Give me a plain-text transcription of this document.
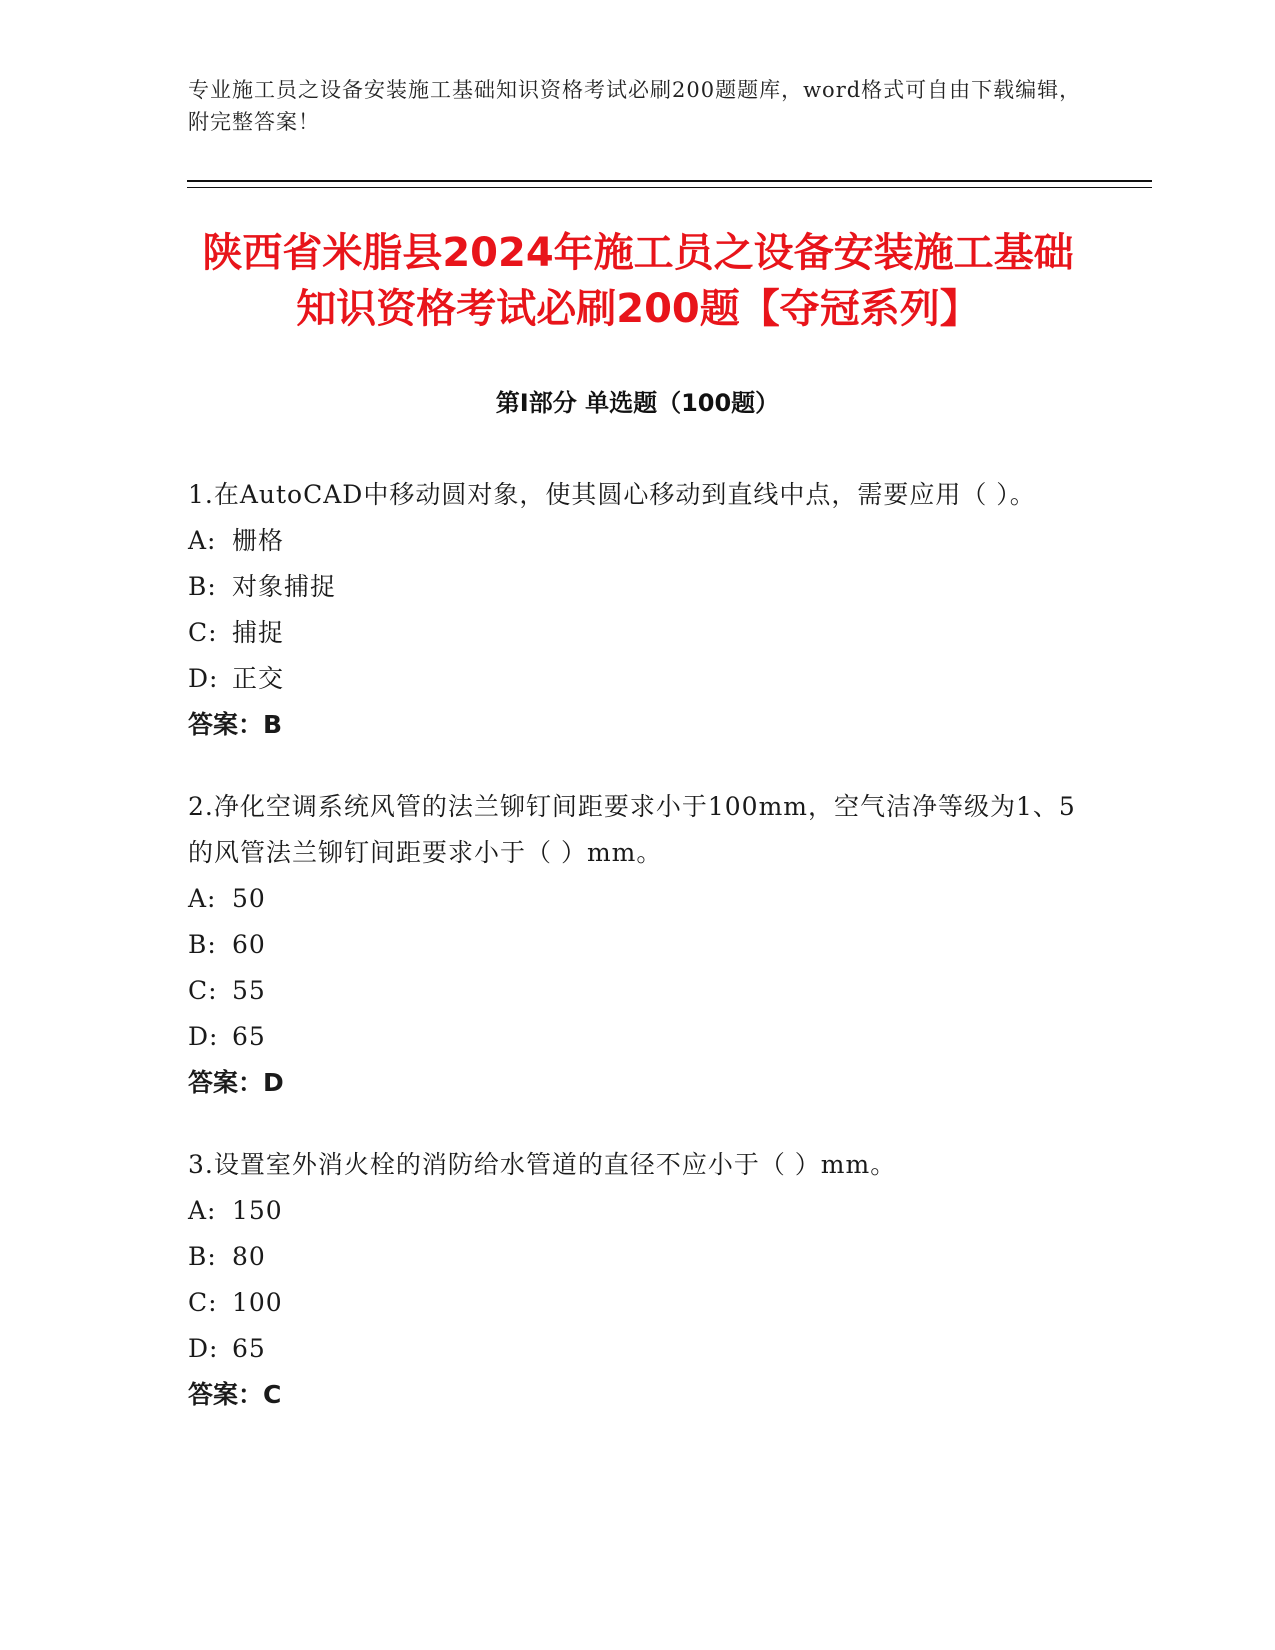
专业施工员之设备安装施工基础知识资格考试必刷200题题库，word格式可自由下载编辑，附完整答案！
陕西省米脂县2024年施工员之设备安装施工基础知识资格考试必刷200题【夺冠系列】
第I部分 单选题（100题）
1.在AutoCAD中移动圆对象，使其圆心移动到直线中点，需要应用（ ）。
A: 栅格
B: 对象捕捉
C: 捕捉
D: 正交
答案：B
2.净化空调系统风管的法兰铆钉间距要求小于100mm，空气洁净等级为1、5的风管法兰铆钉间距要求小于（ ）mm。
A: 50
B: 60
C: 55
D: 65
答案：D
3.设置室外消火栓的消防给水管道的直径不应小于（ ）mm。
A: 150
B: 80
C: 100
D: 65
答案：C
